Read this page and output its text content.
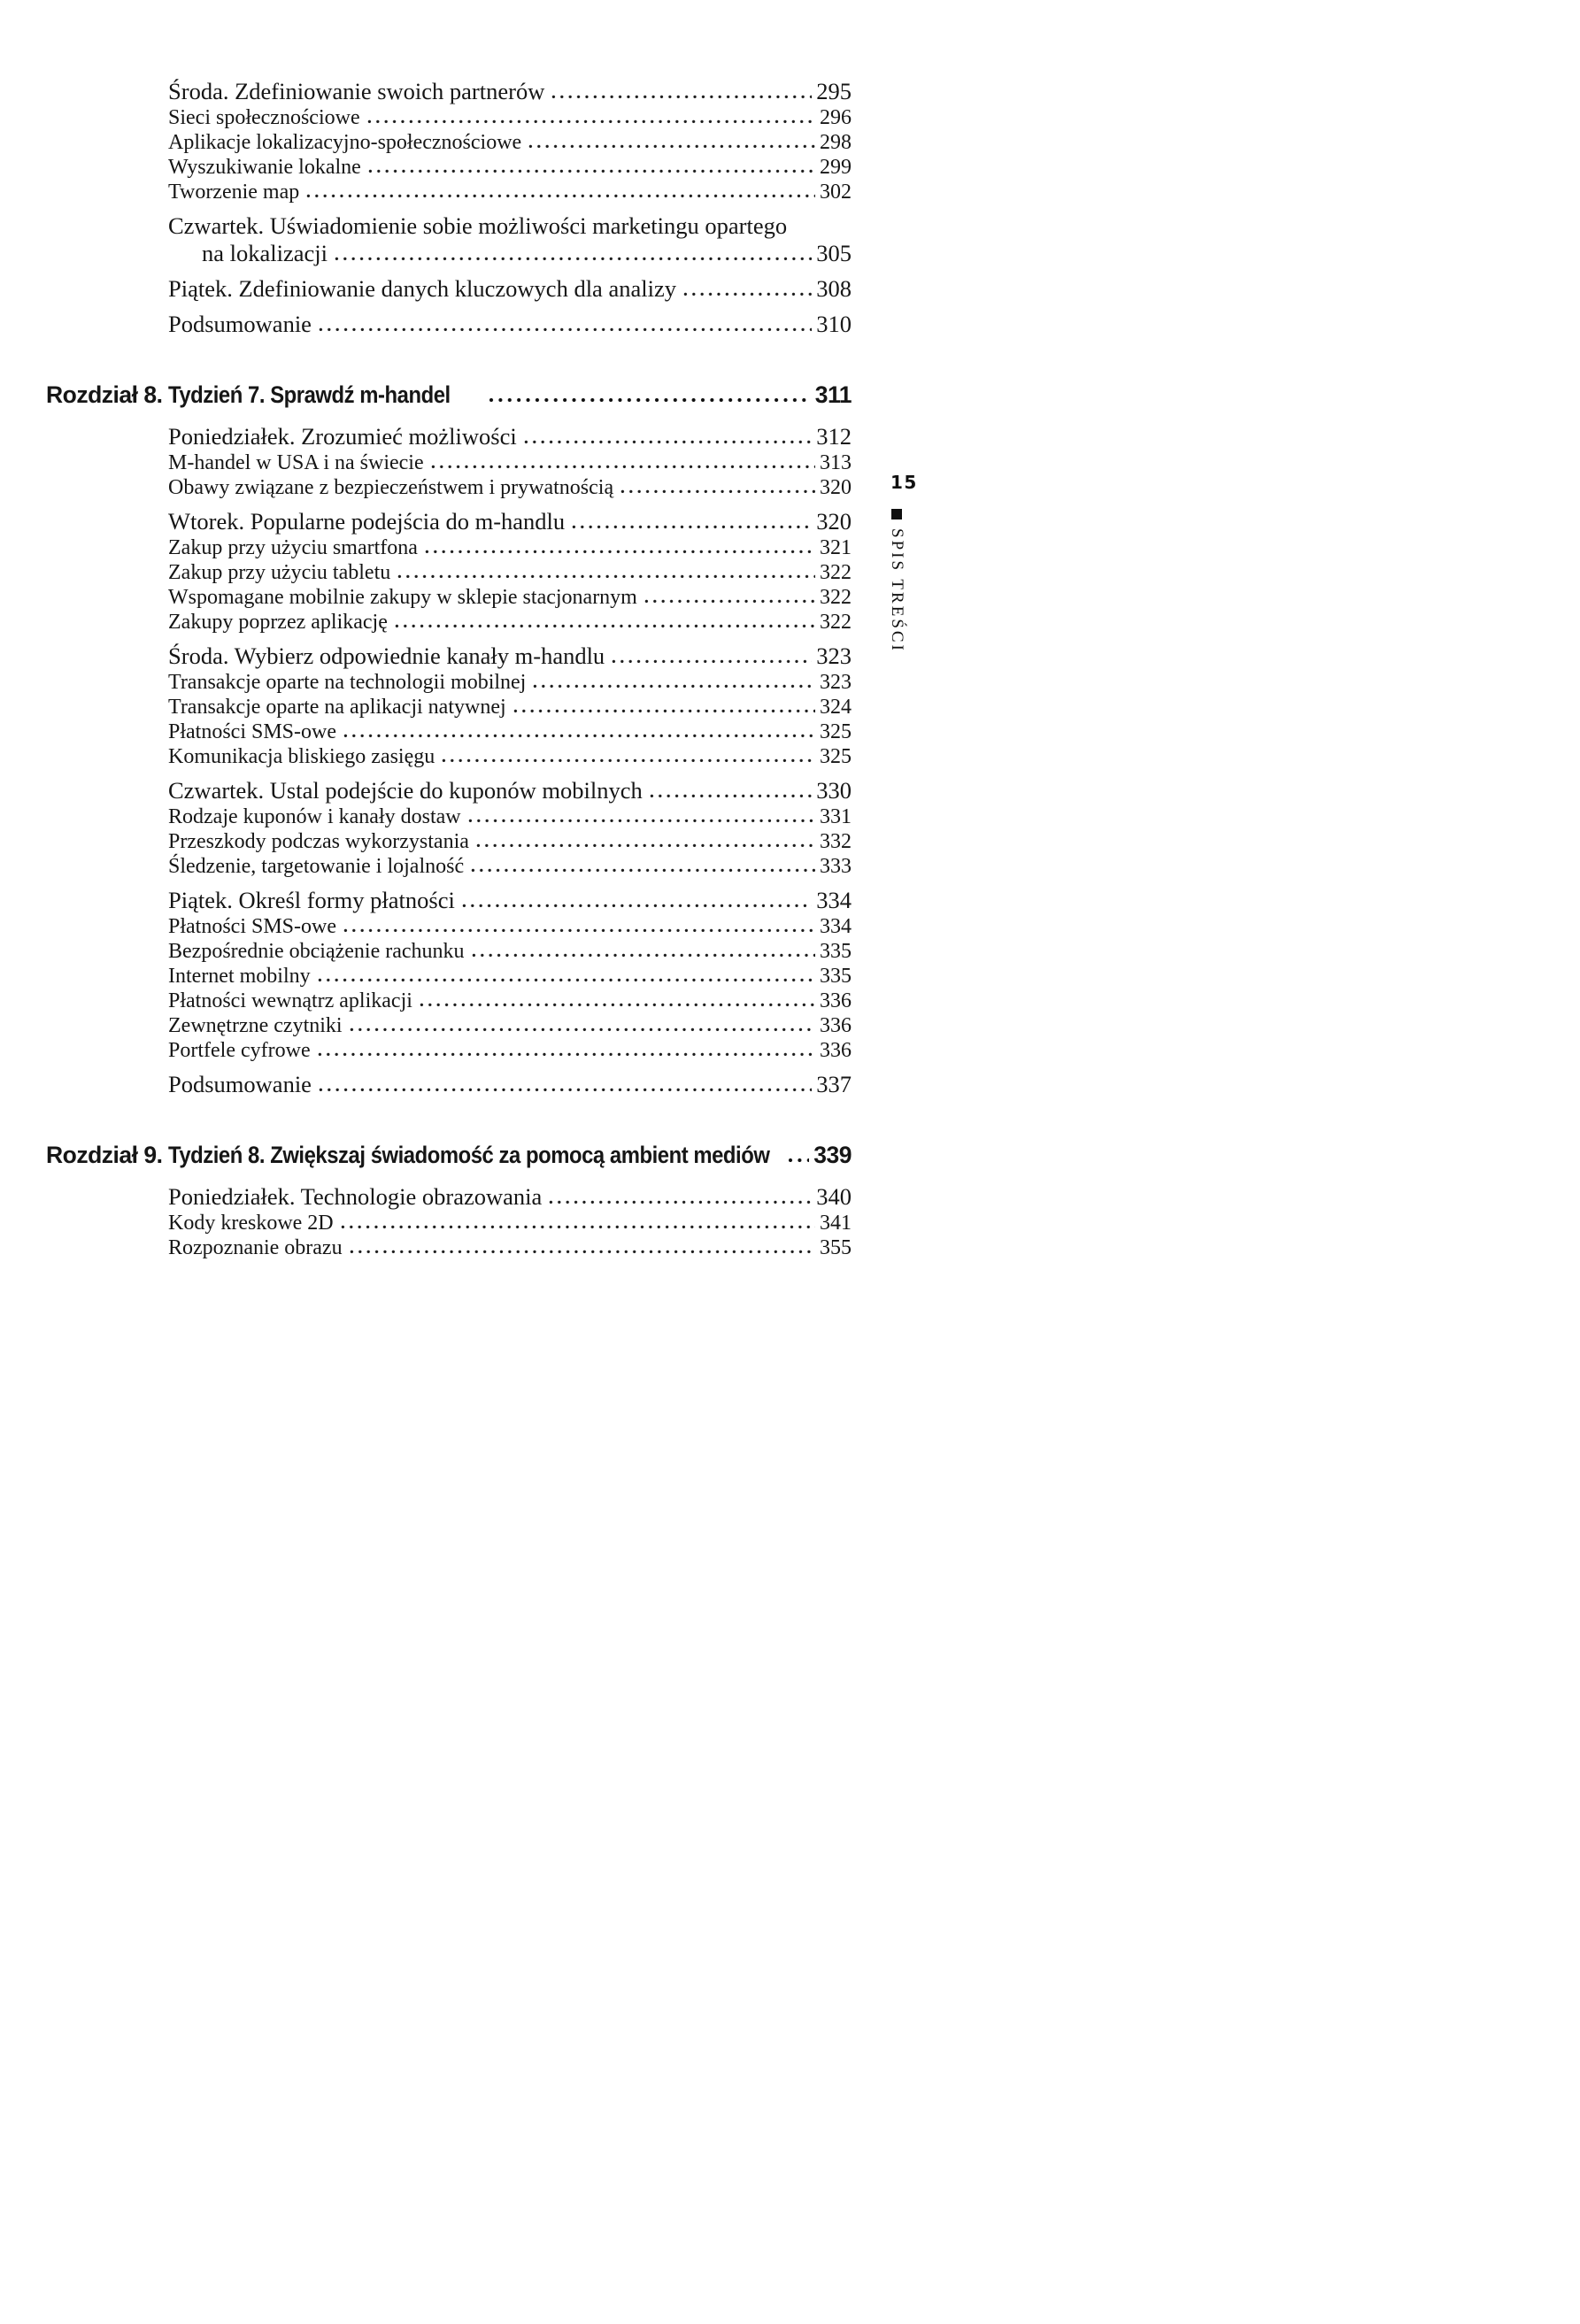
Środa. Zdefiniowanie swoich partnerów	295
Sieci społecznościowe	296
Aplikacje lokalizacyjno-społecznościowe	298
Wyszukiwanie lokalne	299
Tworzenie map	302
Czwartek. Uświadomienie sobie możliwości marketingu opartego
na lokalizacji	305
Piątek. Zdefiniowanie danych kluczowych dla analizy	308
Podsumowanie	310
Rozdział 8. Tydzień 7. Sprawdź m-handel	311
Poniedziałek. Zrozumieć możliwości	312
M-handel w USA i na świecie	313
Obawy związane z bezpieczeństwem i prywatnością	320
Wtorek. Popularne podejścia do m-handlu	320
Zakup przy użyciu smartfona	321
Zakup przy użyciu tabletu	322
Wspomagane mobilnie zakupy w sklepie stacjonarnym	322
Zakupy poprzez aplikację	322
Środa. Wybierz odpowiednie kanały m-handlu	323
Transakcje oparte na technologii mobilnej	323
Transakcje oparte na aplikacji natywnej	324
Płatności SMS-owe	325
Komunikacja bliskiego zasięgu	325
Czwartek. Ustal podejście do kuponów mobilnych	330
Rodzaje kuponów i kanały dostaw	331
Przeszkody podczas wykorzystania	332
Śledzenie, targetowanie i lojalność	333
Piątek. Określ formy płatności	334
Płatności SMS-owe	334
Bezpośrednie obciążenie rachunku	335
Internet mobilny	335
Płatności wewnątrz aplikacji	336
Zewnętrzne czytniki	336
Portfele cyfrowe	336
Podsumowanie	337
Rozdział 9. Tydzień 8. Zwiększaj świadomość za pomocą ambient mediów 339
Poniedziałek. Technologie obrazowania	340
Kody kreskowe 2D	341
Rozpoznanie obrazu	355
15
SPIS TREŚCI
